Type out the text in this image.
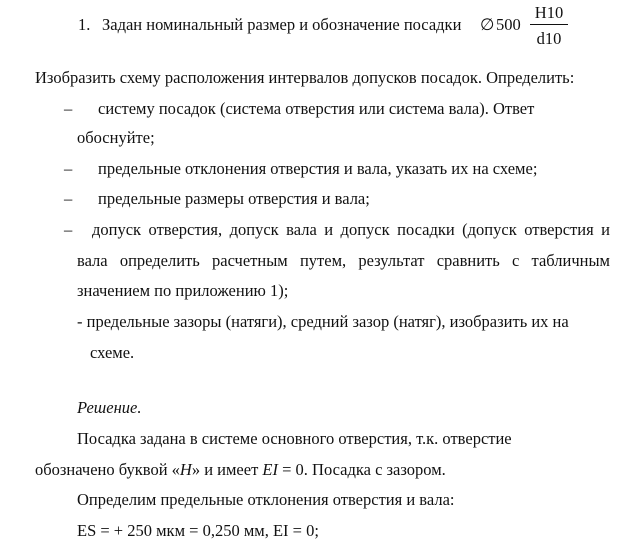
1. Задан номинальный размер и обозначение посадки ∅ 500
H10
d10
Изобразить схему расположения интервалов допусков посадок. Определить:
– систему посадок (система отверстия или система вала). Ответ
обоснуйте;
– предельные отклонения отверстия и вала, указать их на схеме;
– предельные размеры отверстия и вала;
– допуск отверстия, допуск вала и допуск посадки (допуск отверстия и
вала определить расчетным путем, результат сравнить с табличным
значением по приложению 1);
- предельные зазоры (натяги), средний зазор (натяг), изобразить их на
схеме.
Решение.
Посадка задана в системе основного отверстия, т.к. отверстие
обозначено буквой «Н» и имеет EI = 0. Посадка с зазором.
Определим предельные отклонения отверстия и вала:
ES = + 250 мкм = 0,250 мм, EI = 0;
